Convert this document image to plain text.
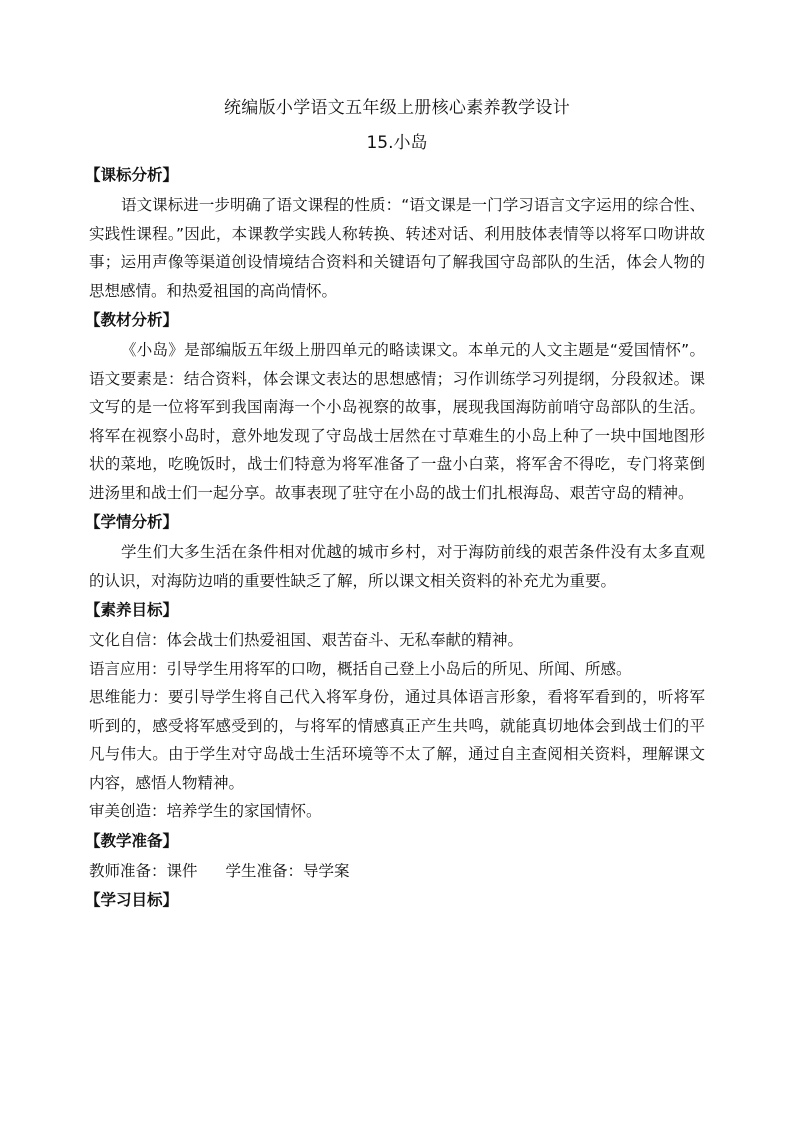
统编版小学语文五年级上册核心素养教学设计
15.小岛
【课标分析】

语文课标进一步明确了语文课程的性质：“语文课是一门学习语言文字运用的综合性、实践性课程。”因此，本课教学实践人称转换、转述对话、利用肢体表情等以将军口吻讲故事；运用声像等渠道创设情境结合资料和关键语句了解我国守岛部队的生活，体会人物的思想感情。和热爱祖国的高尚情怀。

【教材分析】

《小岛》是部编版五年级上册四单元的略读课文。本单元的人文主题是“爱国情怀”。语文要素是：结合资料，体会课文表达的思想感情；习作训练学习列提纲，分段叙述。课文写的是一位将军到我国南海一个小岛视察的故事，展现我国海防前哨守岛部队的生活。将军在视察小岛时，意外地发现了守岛战士居然在寸草难生的小岛上种了一块中国地图形状的菜地，吃晚饭时，战士们特意为将军准备了一盘小白菜，将军舍不得吃，专门将菜倒进汤里和战士们一起分享。故事表现了驻守在小岛的战士们扎根海岛、艰苦守岛的精神。

【学情分析】

学生们大多生活在条件相对优越的城市乡村，对于海防前线的艰苦条件没有太多直观的认识，对海防边哨的重要性缺乏了解，所以课文相关资料的补充尤为重要。

【素养目标】

文化自信：体会战士们热爱祖国、艰苦奋斗、无私奉献的精神。

语言应用：引导学生用将军的口吻，概括自己登上小岛后的所见、所闻、所感。

思维能力：要引导学生将自己代入将军身份，通过具体语言形象，看将军看到的，听将军听到的，感受将军感受到的，与将军的情感真正产生共鸣，就能真切地体会到战士们的平凡与伟大。由于学生对守岛战士生活环境等不太了解，通过自主查阅相关资料，理解课文内容，感悟人物精神。

审美创造：培养学生的家国情怀。

【教学准备】

教师准备：课件 学生准备：导学案

【学习目标】
